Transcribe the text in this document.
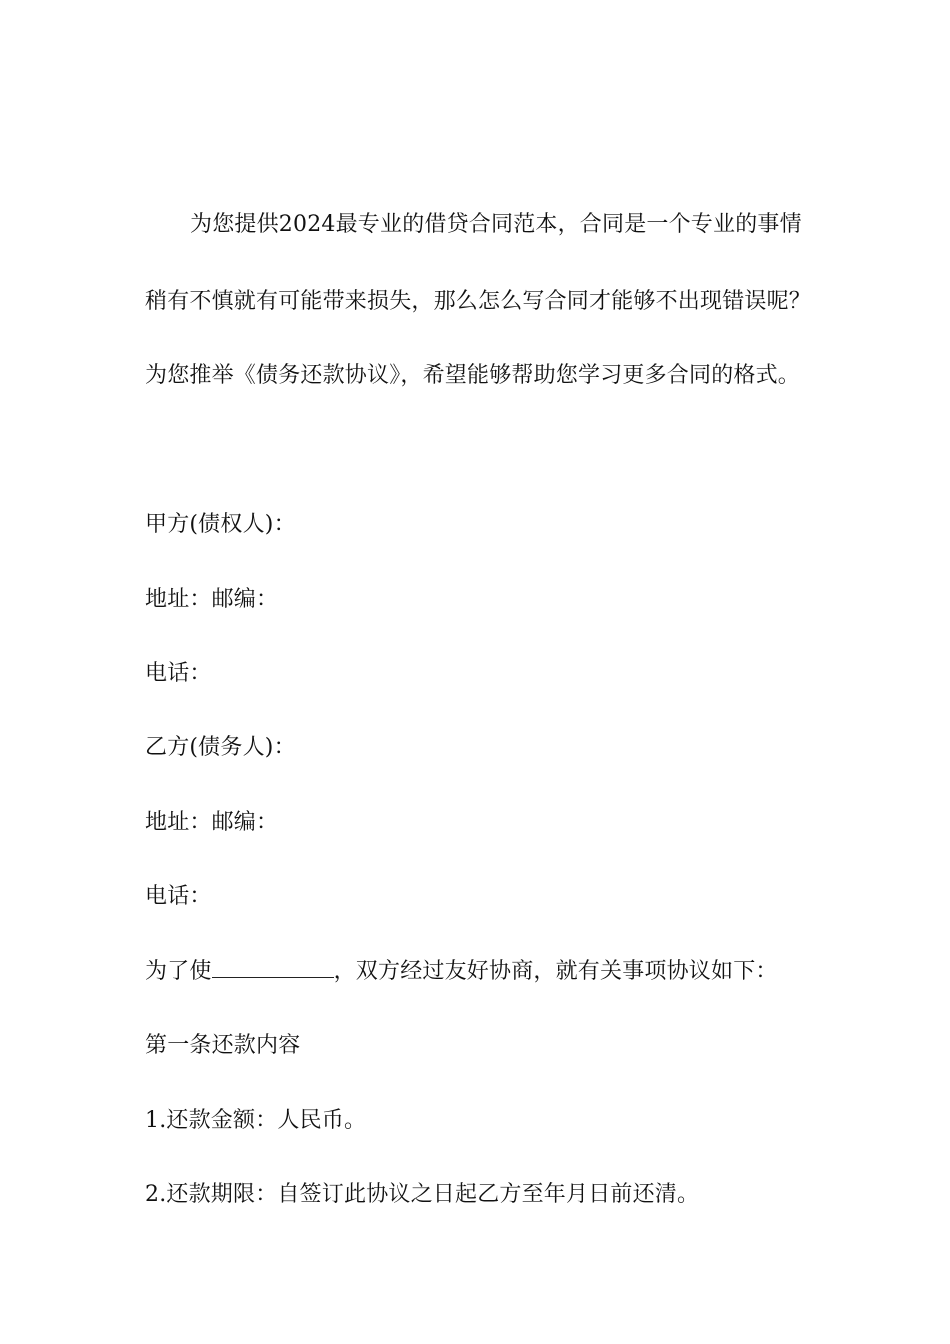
为您提供2024最专业的借贷合同范本，合同是一个专业的事情
稍有不慎就有可能带来损失，那么怎么写合同才能够不出现错误呢？
为您推举《债务还款协议》，希望能够帮助您学习更多合同的格式。
甲方(债权人)：
地址：邮编：
电话：
乙方(债务人)：
地址：邮编：
电话：
为了使	，双方经过友好协商，就有关事项协议如下：
第一条还款内容
1.还款金额：人民币。
2.还款期限：自签订此协议之日起乙方至年月日前还清。
